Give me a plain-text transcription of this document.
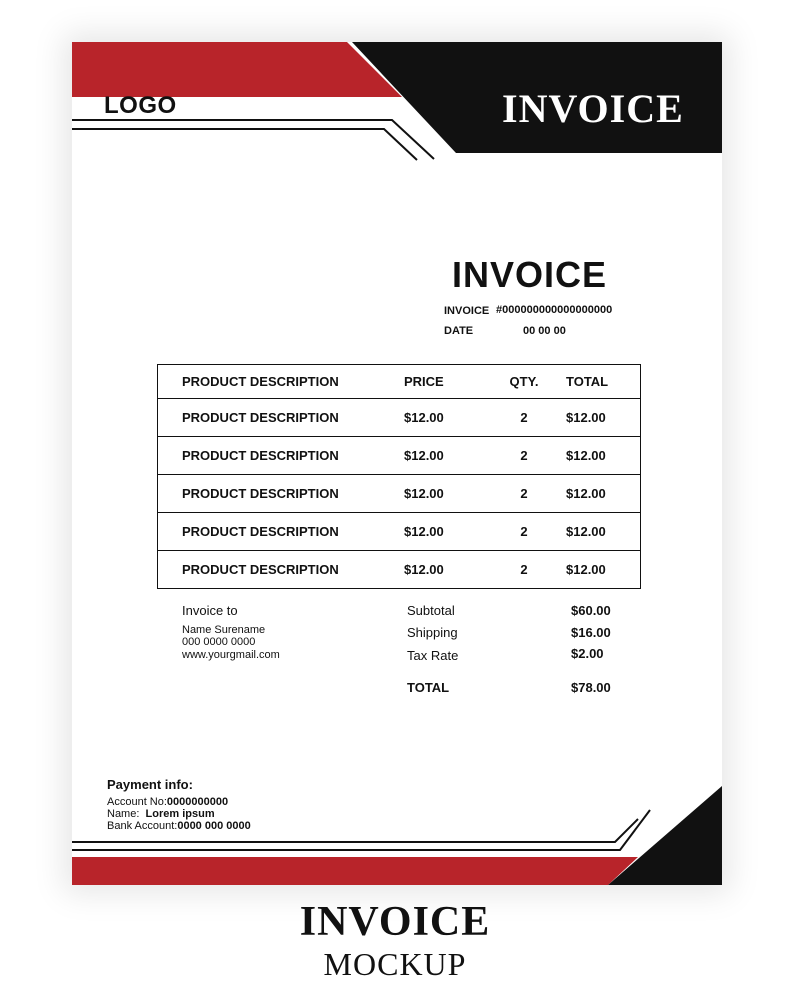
LOGO	INVOICE
INVOICE
INVOICE #000000000000000000
DATE	00 00 00
PRODUCT DESCRIPTION	PRICE	QTY.	TOTAL
PRODUCT DESCRIPTION	$12.00	2	$12.00
PRODUCT DESCRIPTION	$12.00	2	$12.00
PRODUCT DESCRIPTION	$12.00	2	$12.00
PRODUCT DESCRIPTION	$12.00	2	$12.00
PRODUCT DESCRIPTION	$12.00	2	$12.00
Invoice to
Name Surename
000 0000 0000
www.yourgmail.com
Subtotal	$60.00
Shipping	$16.00
Tax Rate	$2.00
TOTAL	$78.00
Payment info:
Account No:0000000000
Name: Lorem ipsum
Bank Account:0000 000 0000
INVOICE
MOCKUP
